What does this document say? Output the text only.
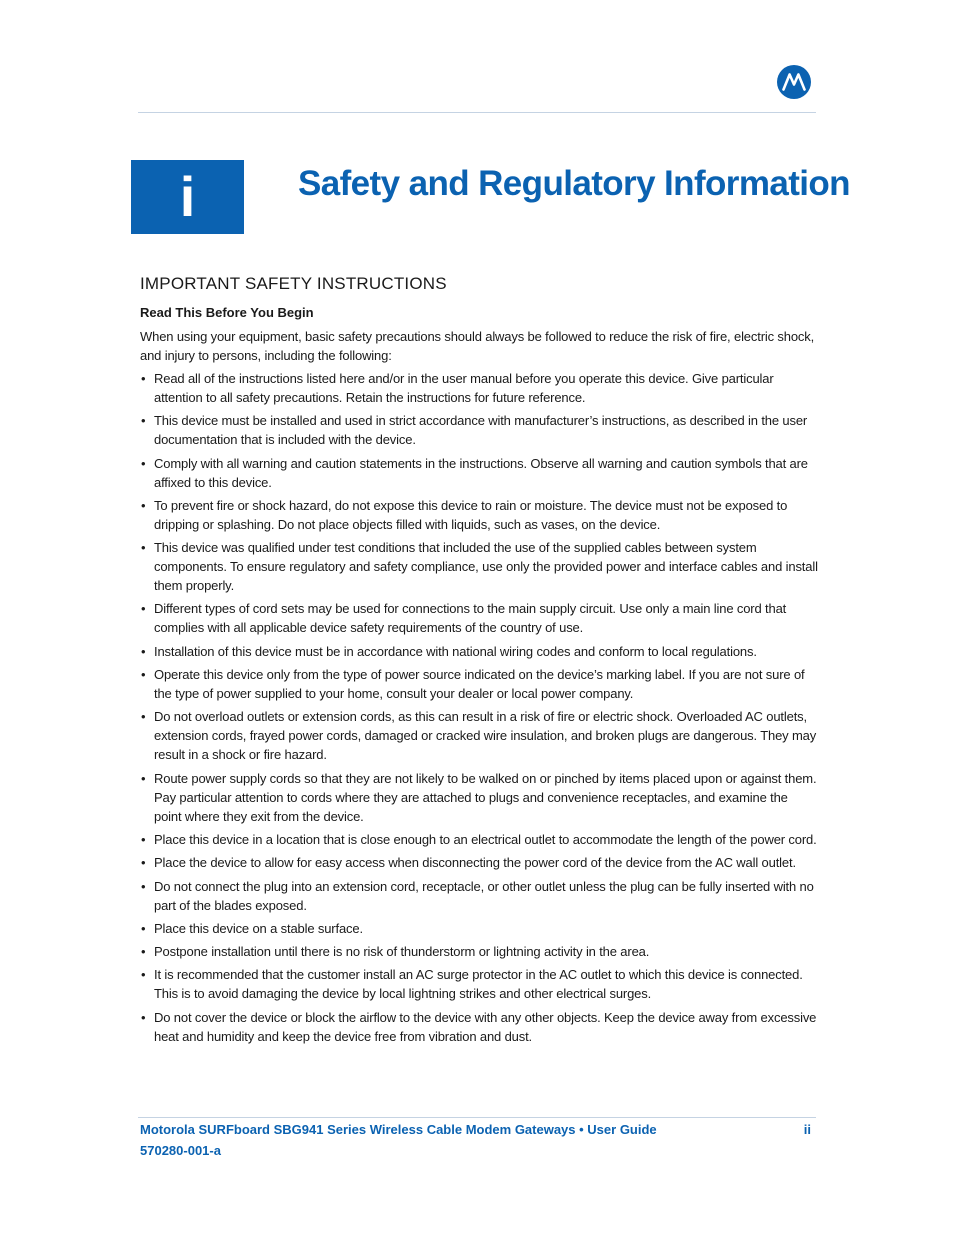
i	Safety and Regulatory Information
IMPORTANT SAFETY INSTRUCTIONS
Read This Before You Begin

When using your equipment, basic safety precautions should always be followed to reduce the risk of fire, electric shock, and injury to persons, including the following:

• Read all of the instructions listed here and/or in the user manual before you operate this device. Give particular attention to all safety precautions. Retain the instructions for future reference.
• This device must be installed and used in strict accordance with manufacturer’s instructions, as described in the user documentation that is included with the device.
• Comply with all warning and caution statements in the instructions. Observe all warning and caution symbols that are affixed to this device.
• To prevent fire or shock hazard, do not expose this device to rain or moisture. The device must not be exposed to dripping or splashing. Do not place objects filled with liquids, such as vases, on the device.
• This device was qualified under test conditions that included the use of the supplied cables between system components. To ensure regulatory and safety compliance, use only the provided power and interface cables and install them properly.
• Different types of cord sets may be used for connections to the main supply circuit. Use only a main line cord that complies with all applicable device safety requirements of the country of use.
• Installation of this device must be in accordance with national wiring codes and conform to local regulations.
• Operate this device only from the type of power source indicated on the device’s marking label. If you are not sure of the type of power supplied to your home, consult your dealer or local power company.
• Do not overload outlets or extension cords, as this can result in a risk of fire or electric shock. Overloaded AC outlets, extension cords, frayed power cords, damaged or cracked wire insulation, and broken plugs are dangerous. They may result in a shock or fire hazard.
• Route power supply cords so that they are not likely to be walked on or pinched by items placed upon or against them. Pay particular attention to cords where they are attached to plugs and convenience receptacles, and examine the point where they exit from the device.
• Place this device in a location that is close enough to an electrical outlet to accommodate the length of the power cord.
• Place the device to allow for easy access when disconnecting the power cord of the device from the AC wall outlet.
• Do not connect the plug into an extension cord, receptacle, or other outlet unless the plug can be fully inserted with no part of the blades exposed.
• Place this device on a stable surface.
• Postpone installation until there is no risk of thunderstorm or lightning activity in the area.
• It is recommended that the customer install an AC surge protector in the AC outlet to which this device is connected. This is to avoid damaging the device by local lightning strikes and other electrical surges.
• Do not cover the device or block the airflow to the device with any other objects. Keep the device away from excessive heat and humidity and keep the device free from vibration and dust.
Motorola SURFboard SBG941 Series Wireless Cable Modem Gateways • User Guide	ii
570280-001-a
